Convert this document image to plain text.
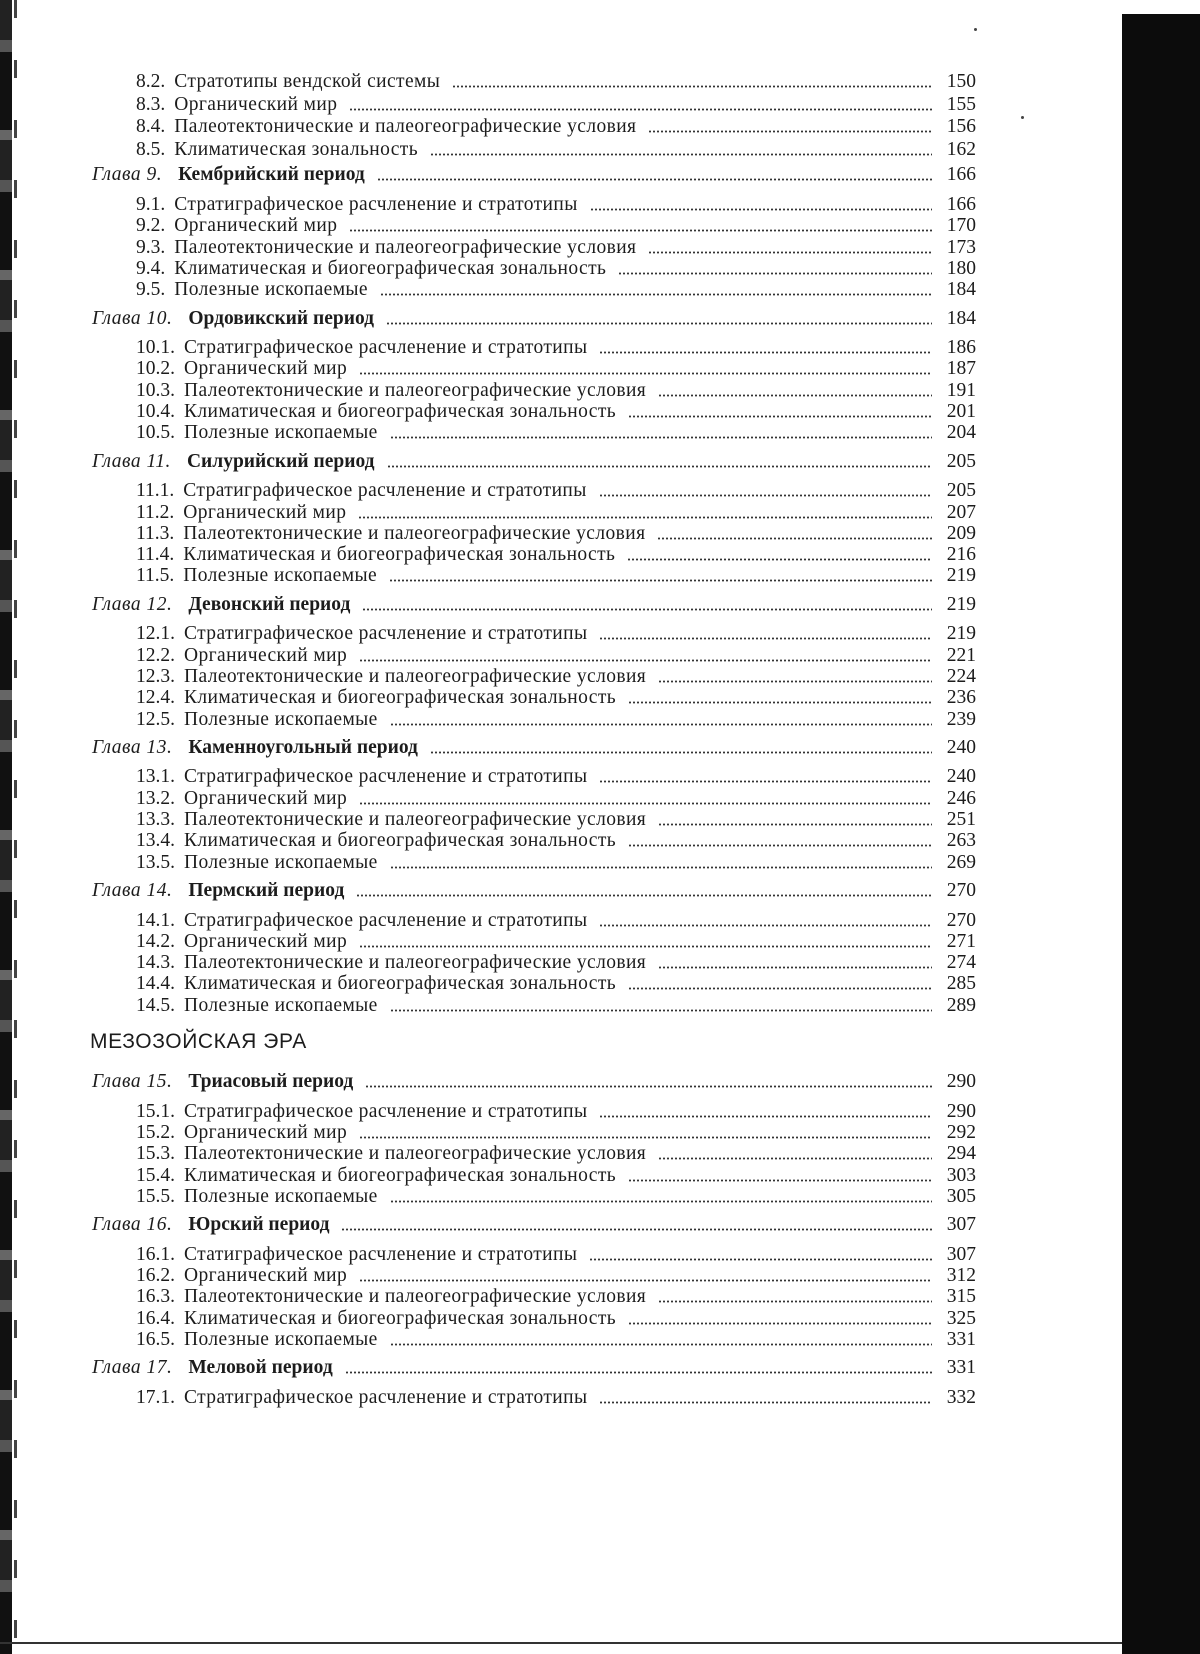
8.2. Стратотипы вендской системы	150
8.3. Органический мир	155
8.4. Палеотектонические и палеогеографические условия	156
8.5. Климатическая зональность	162
Глава 9. Кембрийский период	166
9.1. Стратиграфическое расчленение и стратотипы	166
9.2. Органический мир	170
9.3. Палеотектонические и палеогеографические условия	173
9.4. Климатическая и биогеографическая зональность	180
9.5. Полезные ископаемые	184
Глава 10. Ордовикский период	184
10.1. Стратиграфическое расчленение и стратотипы	186
10.2. Органический мир	187
10.3. Палеотектонические и палеогеографические условия	191
10.4. Климатическая и биогеографическая зональность	201
10.5. Полезные ископаемые	204
Глава 11. Силурийский период	205
11.1. Стратиграфическое расчленение и стратотипы	205
11.2. Органический мир	207
11.3. Палеотектонические и палеогеографические условия	209
11.4. Климатическая и биогеографическая зональность	216
11.5. Полезные ископаемые	219
Глава 12. Девонский период	219
12.1. Стратиграфическое расчленение и стратотипы	219
12.2. Органический мир	221
12.3. Палеотектонические и палеогеографические условия	224
12.4. Климатическая и биогеографическая зональность	236
12.5. Полезные ископаемые	239
Глава 13. Каменноугольный период	240
13.1. Стратиграфическое расчленение и стратотипы	240
13.2. Органический мир	246
13.3. Палеотектонические и палеогеографические условия	251
13.4. Климатическая и биогеографическая зональность	263
13.5. Полезные ископаемые	269
Глава 14. Пермский период	270
14.1. Стратиграфическое расчленение и стратотипы	270
14.2. Органический мир	271
14.3. Палеотектонические и палеогеографические условия	274
14.4. Климатическая и биогеографическая зональность	285
14.5. Полезные ископаемые	289
Глава 15. Триасовый период	290
15.1. Стратиграфическое расчленение и стратотипы	290
15.2. Органический мир	292
15.3. Палеотектонические и палеогеографические условия	294
15.4. Климатическая и биогеографическая зональность	303
15.5. Полезные ископаемые	305
Глава 16. Юрский период	307
16.1. Статиграфическое расчленение и стратотипы	307
16.2. Органический мир	312
16.3. Палеотектонические и палеогеографические условия	315
16.4. Климатическая и биогеографическая зональность	325
16.5. Полезные ископаемые	331
Глава 17. Меловой период	331
17.1. Стратиграфическое расчленение и стратотипы	332
МЕЗОЗОЙСКАЯ ЭРА
